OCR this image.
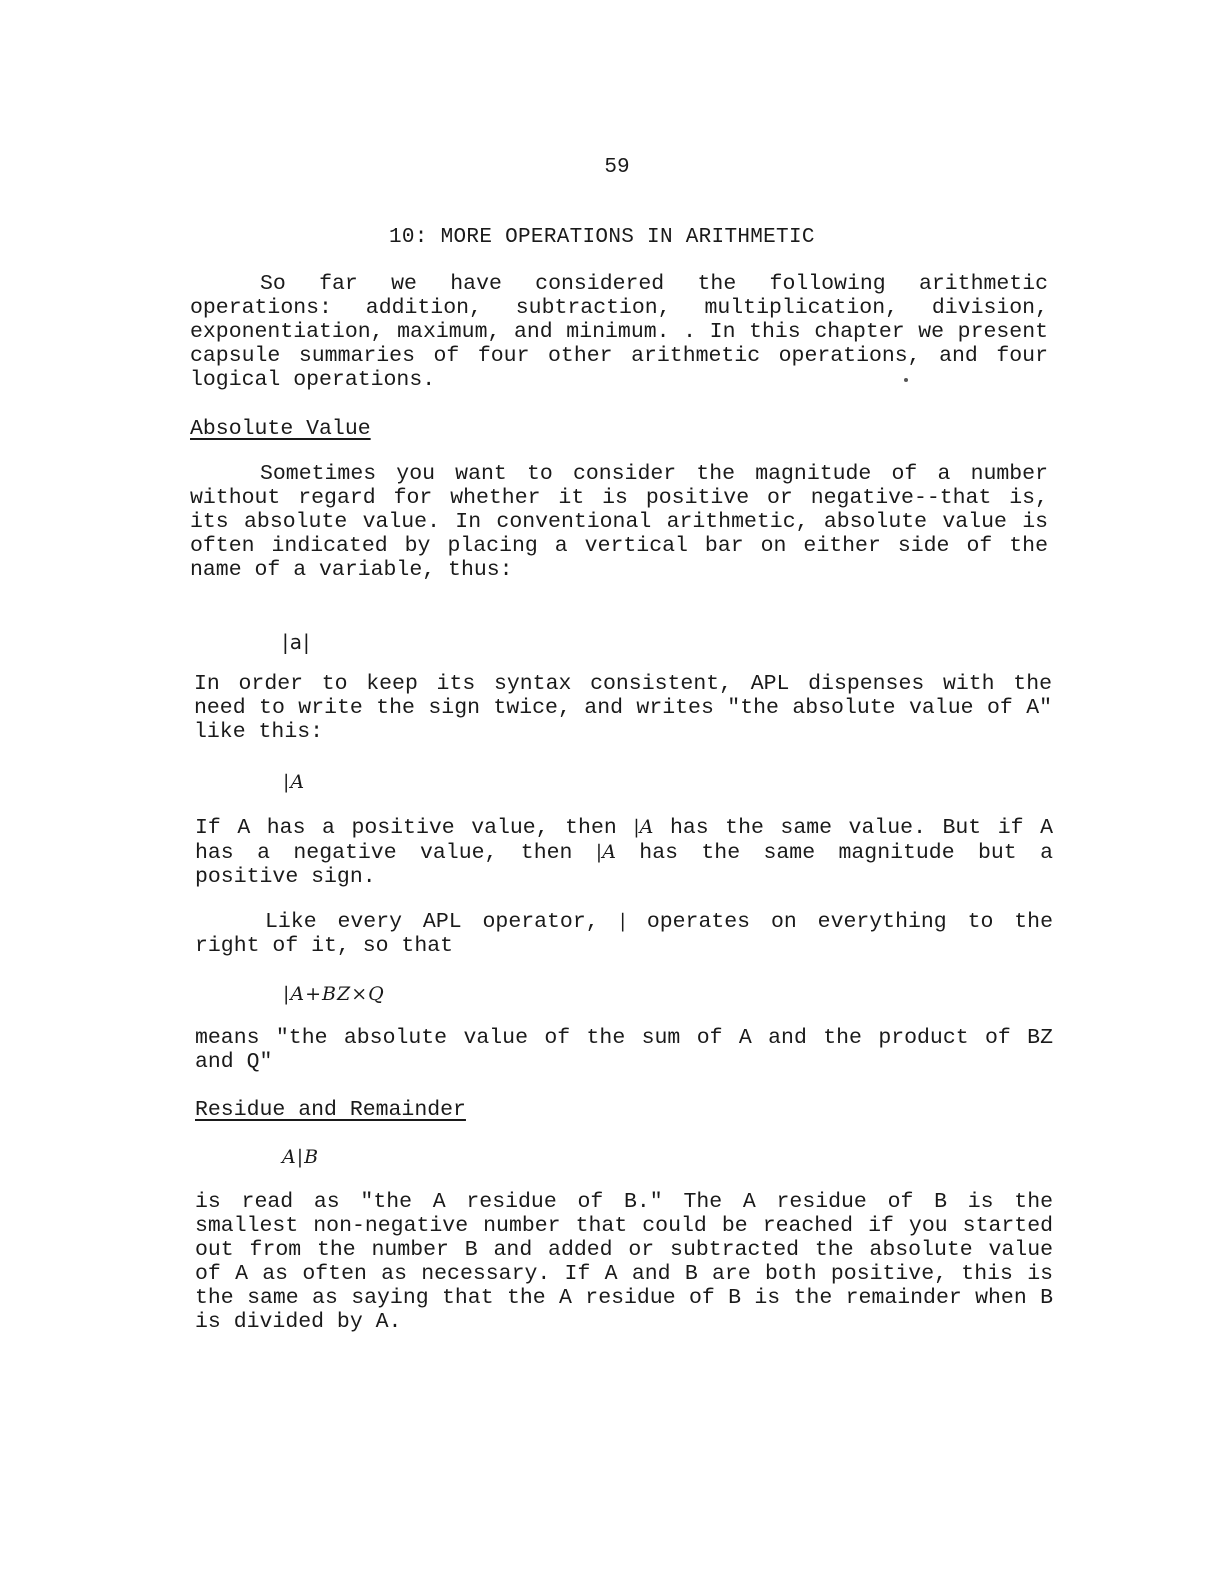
59
10: MORE OPERATIONS IN ARITHMETIC

So far we have considered the following arithmetic operations: addition, subtraction, multiplication, division, exponentiation, maximum, and minimum. . In this chapter we present capsule summaries of four other arithmetic operations, and four logical operations.

Absolute Value

Sometimes you want to consider the magnitude of a number without regard for whether it is positive or negative--that is, its absolute value. In conventional arithmetic, absolute value is often indicated by placing a vertical bar on either side of the name of a variable, thus:

|a|

In order to keep its syntax consistent, APL dispenses with the need to write the sign twice, and writes "the absolute value of A" like this:

|A

If A has a positive value, then |A has the same value. But if A has a negative value, then |A has the same magnitude but a positive sign.

Like every APL operator, | operates on everything to the right of it, so that

|A+BZ×Q

means "the absolute value of the sum of A and the product of BZ and Q"

Residue and Remainder
A|B

is read as "the A residue of B." The A residue of B is the smallest non-negative number that could be reached if you started out from the number B and added or subtracted the absolute value of A as often as necessary. If A and B are both positive, this is the same as saying that the A residue of B is the remainder when B is divided by A.
